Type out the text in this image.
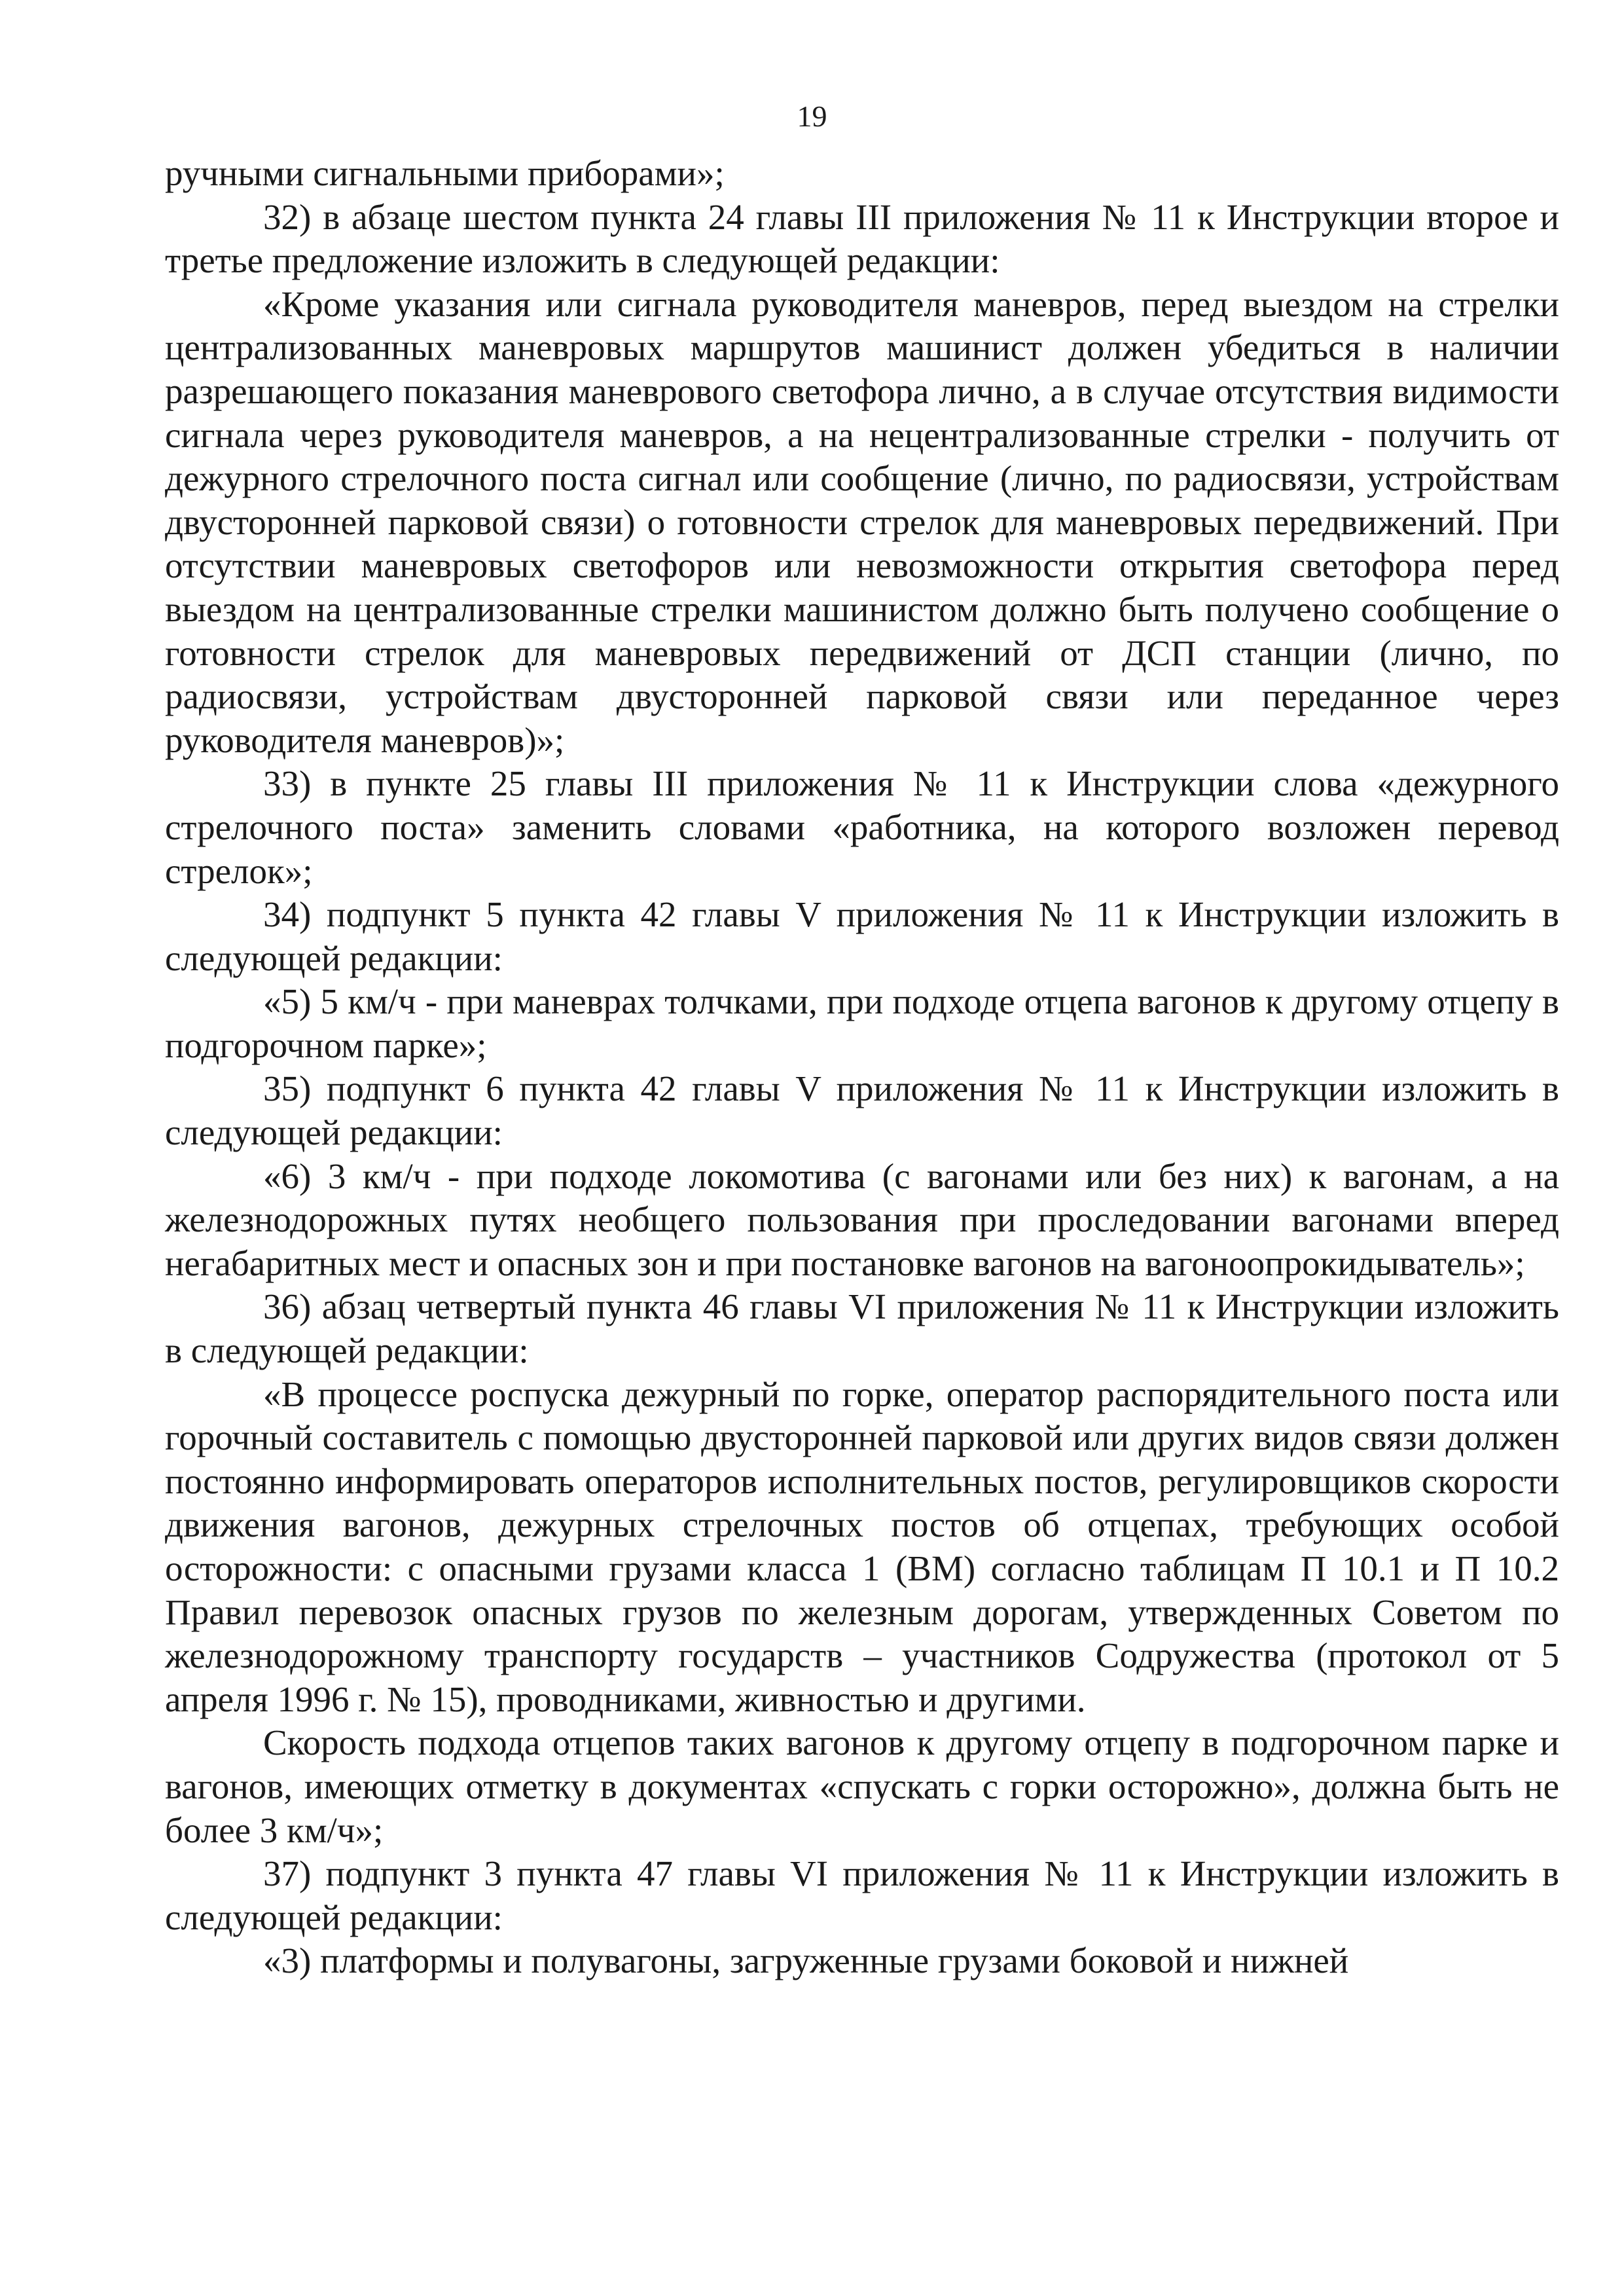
19

ручными сигнальными приборами»;

32) в абзаце шестом пункта 24 главы III приложения № 11 к Инструкции второе и третье предложение изложить в следующей редакции:

«Кроме указания или сигнала руководителя маневров, перед выездом на стрелки централизованных маневровых маршрутов машинист должен убедиться в наличии разрешающего показания маневрового светофора лично, а в случае отсутствия видимости сигнала через руководителя маневров, а на нецентрализованные стрелки - получить от дежурного стрелочного поста сигнал или сообщение (лично, по радиосвязи, устройствам двусторонней парковой связи) о готовности стрелок для маневровых передвижений. При отсутствии маневровых светофоров или невозможности открытия светофора перед выездом на централизованные стрелки машинистом должно быть получено сообщение о готовности стрелок для маневровых передвижений от ДСП станции (лично, по радиосвязи, устройствам двусторонней парковой связи или переданное через руководителя маневров)»;

33) в пункте 25 главы III приложения № 11 к Инструкции слова «дежурного стрелочного поста» заменить словами «работника, на которого возложен перевод стрелок»;

34) подпункт 5 пункта 42 главы V приложения № 11 к Инструкции изложить в следующей редакции:

«5) 5 км/ч - при маневрах толчками, при подходе отцепа вагонов к другому отцепу в подгорочном парке»;

35) подпункт 6 пункта 42 главы V приложения № 11 к Инструкции изложить в следующей редакции:

«6) 3 км/ч - при подходе локомотива (с вагонами или без них) к вагонам, а на железнодорожных путях необщего пользования при проследовании вагонами вперед негабаритных мест и опасных зон и при постановке вагонов на вагоноопрокидыватель»;

36) абзац четвертый пункта 46 главы VI приложения № 11 к Инструкции изложить в следующей редакции:

«В процессе роспуска дежурный по горке, оператор распорядительного поста или горочный составитель с помощью двусторонней парковой или других видов связи должен постоянно информировать операторов исполнительных постов, регулировщиков скорости движения вагонов, дежурных стрелочных постов об отцепах, требующих особой осторожности: с опасными грузами класса 1 (ВМ) согласно таблицам П 10.1 и П 10.2 Правил перевозок опасных грузов по железным дорогам, утвержденных Советом по железнодорожному транспорту государств – участников Содружества (протокол от 5 апреля 1996 г. № 15), проводниками, живностью и другими.

Скорость подхода отцепов таких вагонов к другому отцепу в подгорочном парке и вагонов, имеющих отметку в документах «спускать с горки осторожно», должна быть не более 3 км/ч»;

37) подпункт 3 пункта 47 главы VI приложения № 11 к Инструкции изложить в следующей редакции:

«3) платформы и полувагоны, загруженные грузами боковой и нижней
